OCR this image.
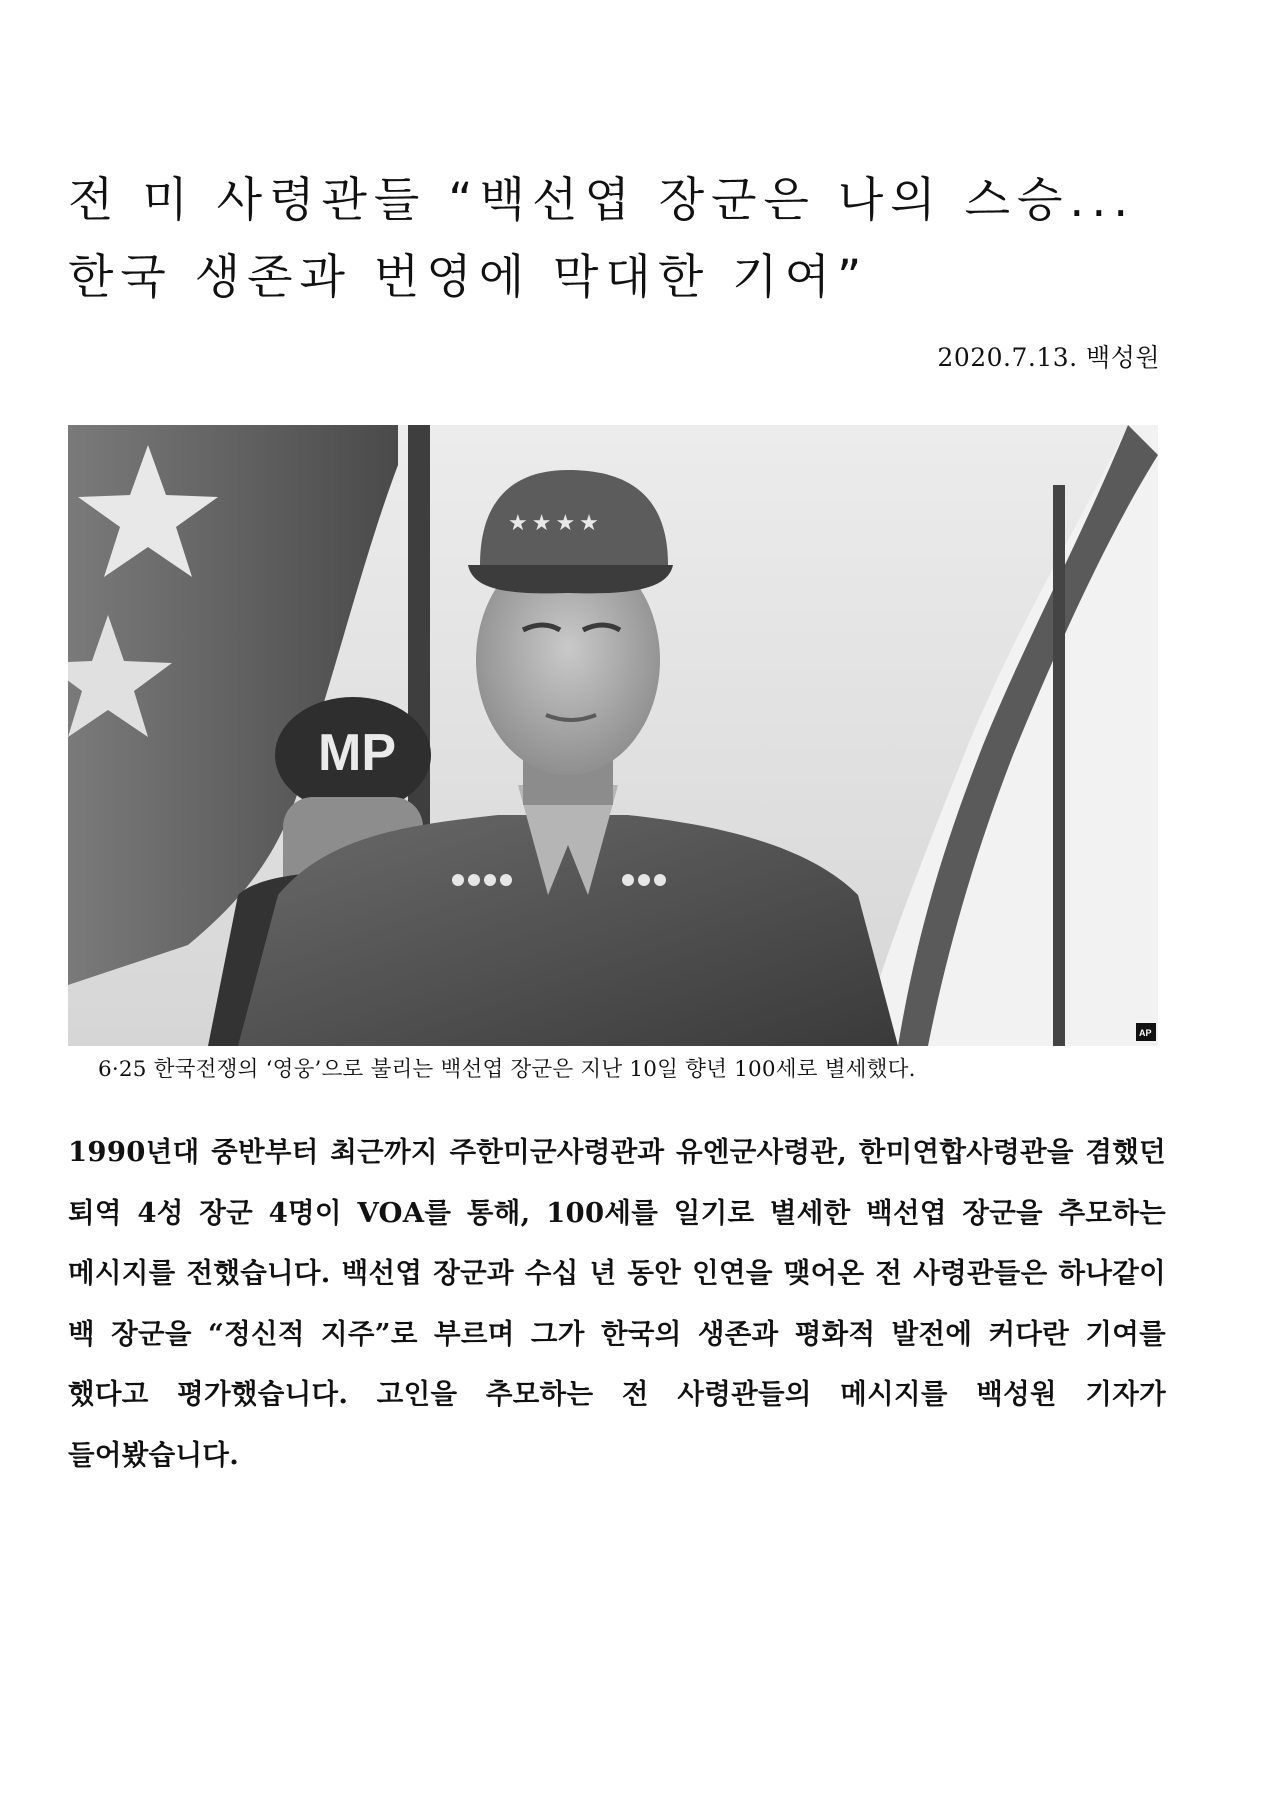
전 미 사령관들 “백선엽 장군은 나의 스승...
한국 생존과 번영에 막대한 기여”
2020.7.13. 백성원
MP
★★★★
AP
6·25 한국전쟁의 ‘영웅’으로 불리는 백선엽 장군은 지난 10일 향년 100세로 별세했다.

1990년대 중반부터 최근까지 주한미군사령관과 유엔군사령관, 한미연합사령관을 겸했던 퇴역 4성 장군 4명이 VOA를 통해, 100세를 일기로 별세한 백선엽 장군을 추모하는 메시지를 전했습니다. 백선엽 장군과 수십 년 동안 인연을 맺어온 전 사령관들은 하나같이 백 장군을 “정신적 지주”로 부르며 그가 한국의 생존과 평화적 발전에 커다란 기여를 했다고 평가했습니다. 고인을 추모하는 전 사령관들의 메시지를 백성원 기자가 들어봤습니다.
